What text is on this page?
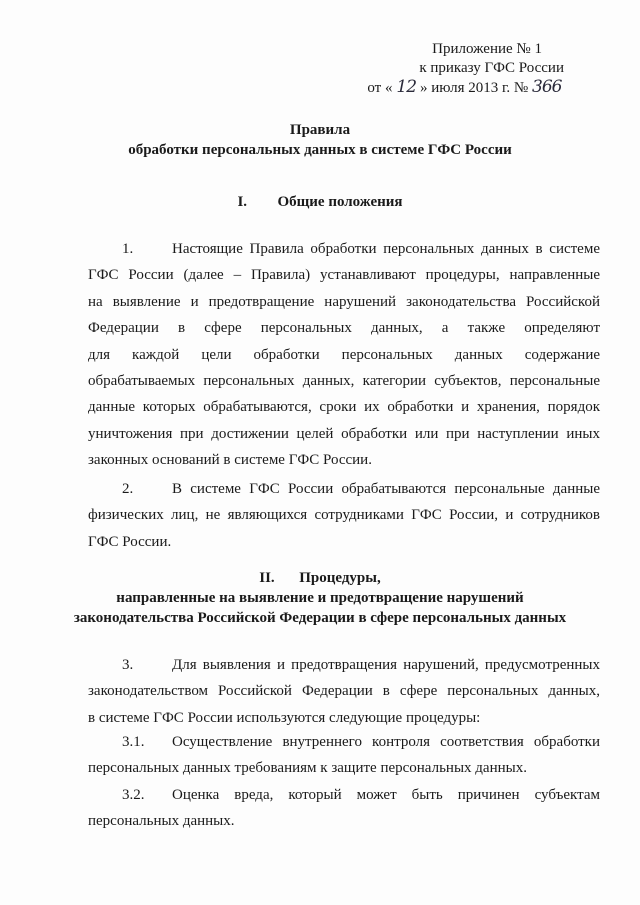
Приложение № 1
к приказу ГФС России
от « 12 » июля 2013 г. № 366
Правила
обработки персональных данных в системе ГФС России
I. Общие положения
1.	Настоящие Правила обработки персональных данных в системе
ГФС России (далее – Правила) устанавливают процедуры, направленные
на выявление и предотвращение нарушений законодательства Российской
Федерации в сфере персональных данных, а также определяют
для каждой цели обработки персональных данных содержание
обрабатываемых персональных данных, категории субъектов, персональные
данные которых обрабатываются, сроки их обработки и хранения, порядок
уничтожения при достижении целей обработки или при наступлении иных
законных оснований в системе ГФС России.
2.	В системе ГФС России обрабатываются персональные данные
физических лиц, не являющихся сотрудниками ГФС России, и сотрудников
ГФС России.
II. Процедуры,
направленные на выявление и предотвращение нарушений
законодательства Российской Федерации в сфере персональных данных
3.	Для выявления и предотвращения нарушений, предусмотренных
законодательством Российской Федерации в сфере персональных данных,
в системе ГФС России используются следующие процедуры:
3.1. Осуществление внутреннего контроля соответствия обработки
персональных данных требованиям к защите персональных данных.
3.2. Оценка вреда, который может быть причинен субъектам
персональных данных.
